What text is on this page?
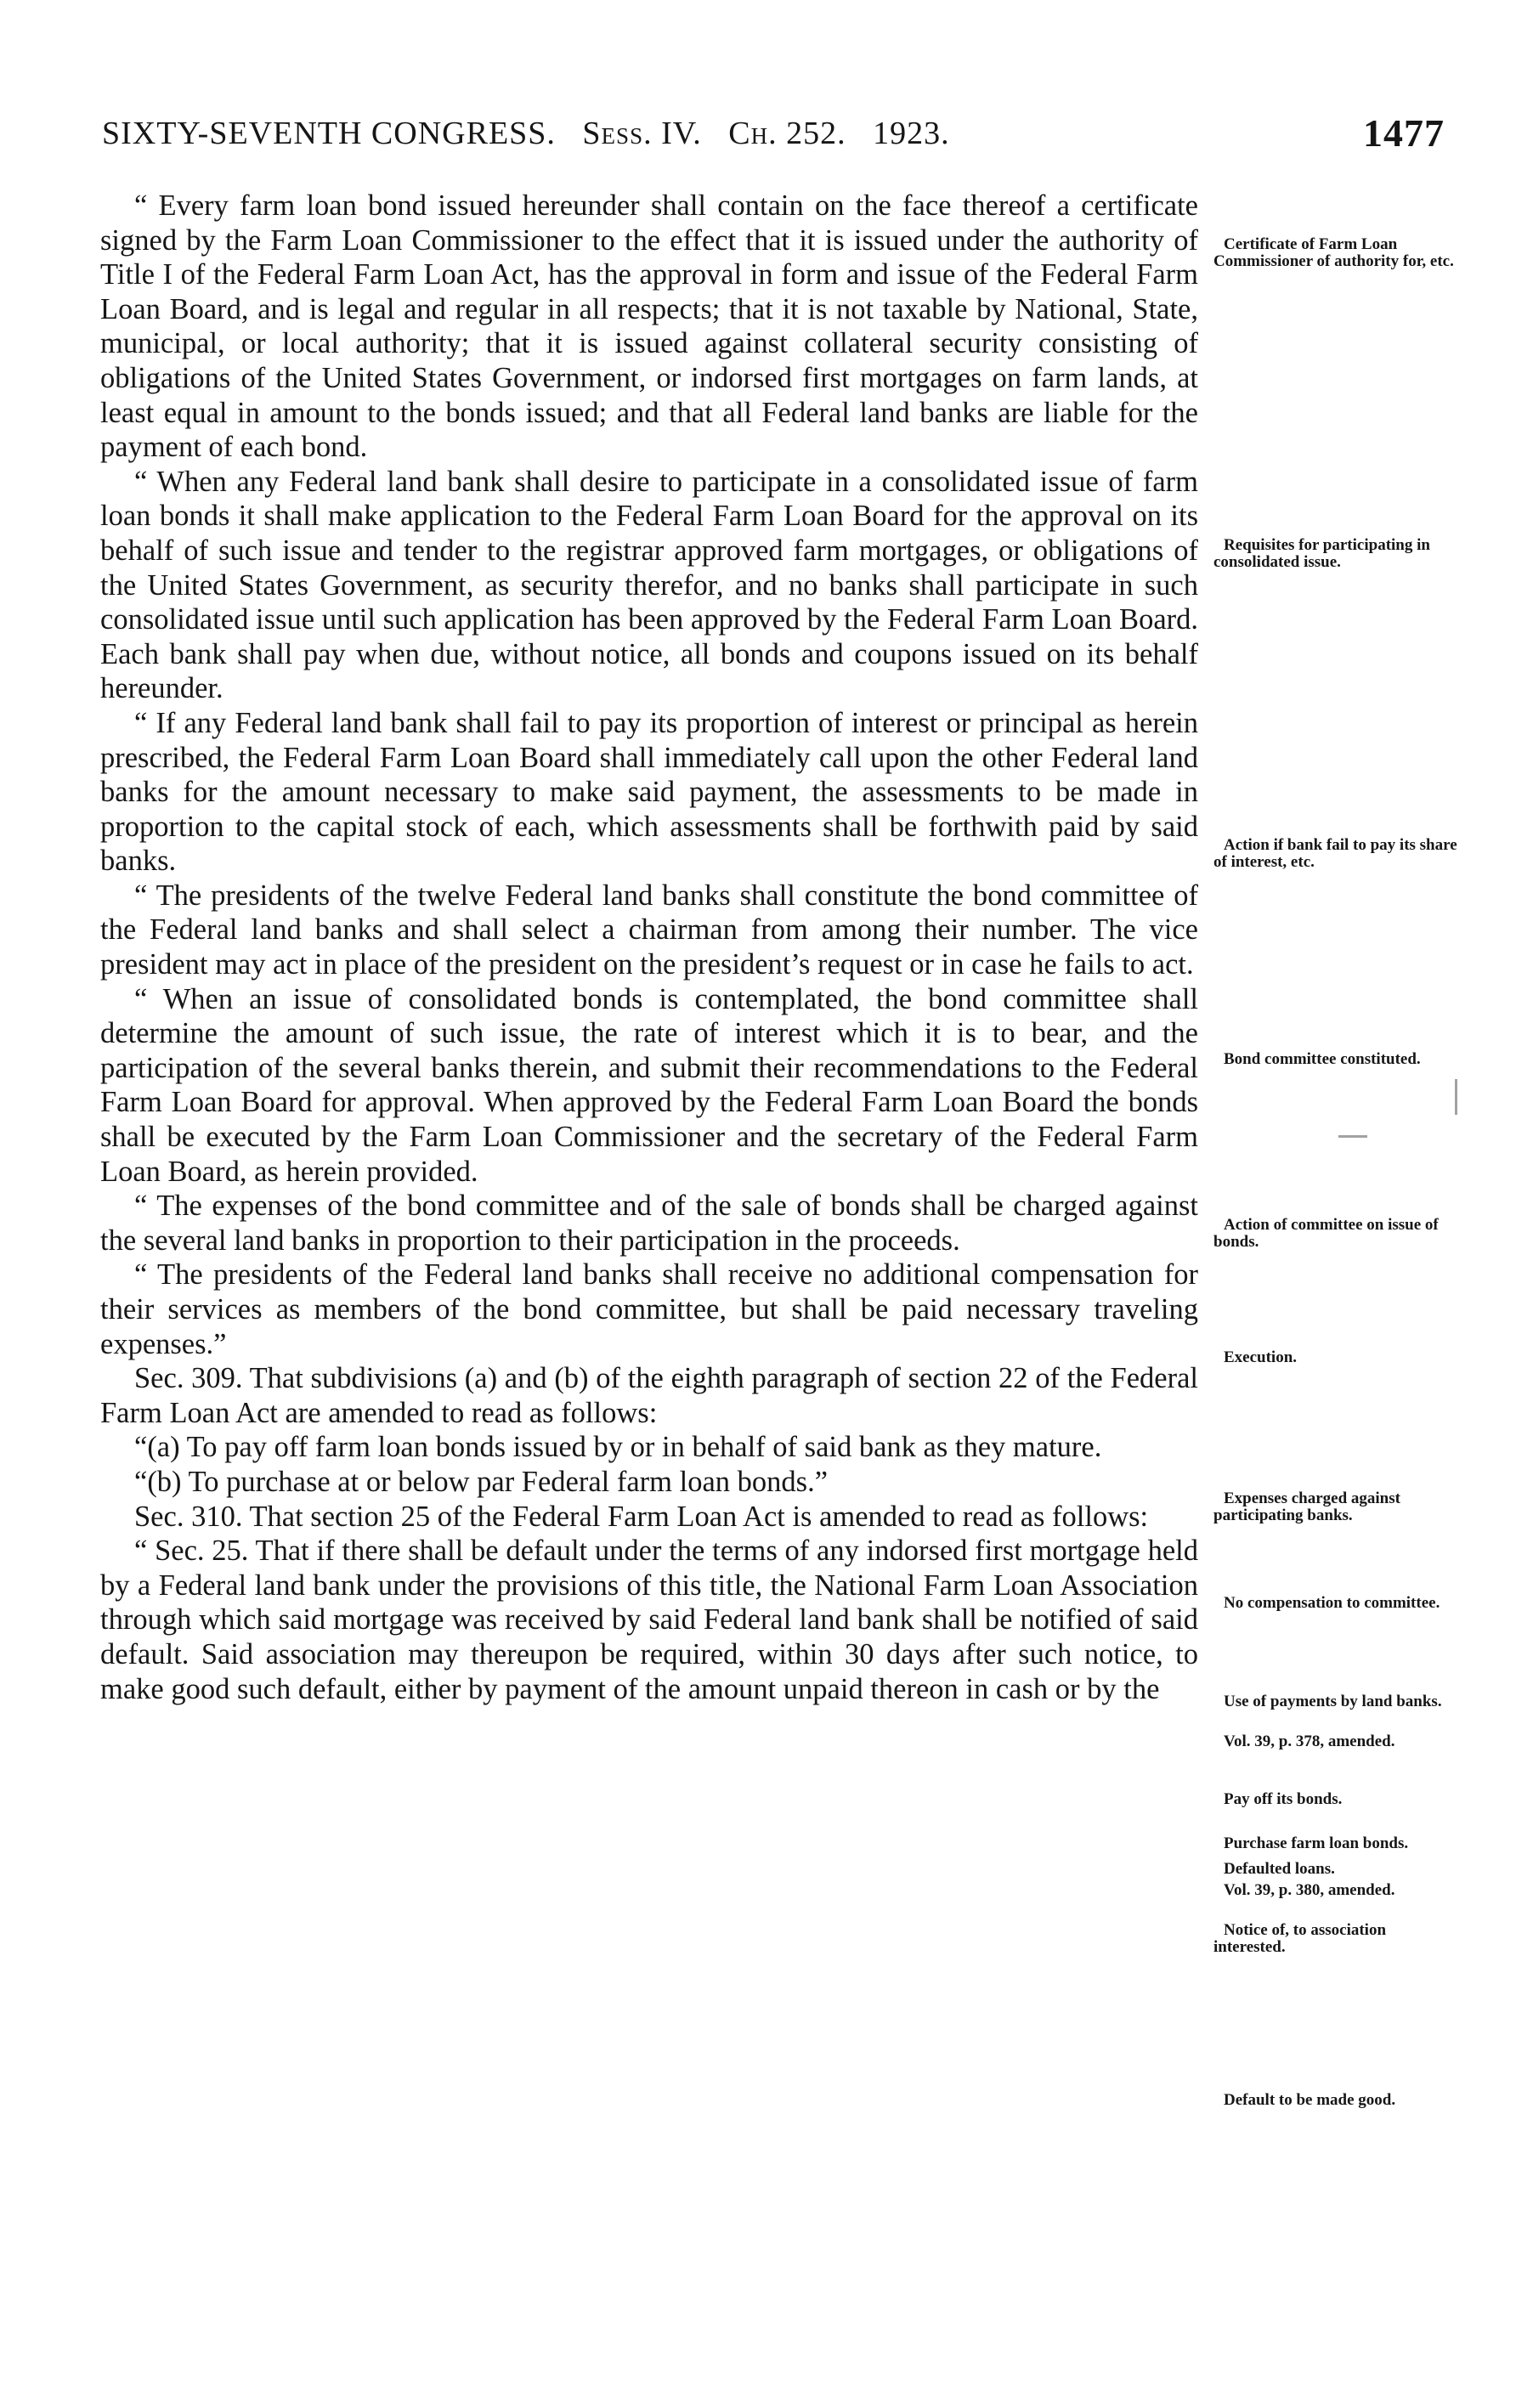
SIXTY-SEVENTH CONGRESS. Sess. IV. Ch. 252. 1923.	1477

“ Every farm loan bond issued hereunder shall contain on the face thereof a certificate signed by the Farm Loan Commissioner to the effect that it is issued under the authority of Title I of the Federal Farm Loan Act, has the approval in form and issue of the Federal Farm Loan Board, and is legal and regular in all respects; that it is not taxable by National, State, municipal, or local authority; that it is issued against collateral security consisting of obligations of the United States Government, or indorsed first mortgages on farm lands, at least equal in amount to the bonds issued; and that all Federal land banks are liable for the payment of each bond.

“ When any Federal land bank shall desire to participate in a consolidated issue of farm loan bonds it shall make application to the Federal Farm Loan Board for the approval on its behalf of such issue and tender to the registrar approved farm mortgages, or obligations of the United States Government, as security therefor, and no banks shall participate in such consolidated issue until such application has been approved by the Federal Farm Loan Board. Each bank shall pay when due, without notice, all bonds and coupons issued on its behalf hereunder.

“ If any Federal land bank shall fail to pay its proportion of interest or principal as herein prescribed, the Federal Farm Loan Board shall immediately call upon the other Federal land banks for the amount necessary to make said payment, the assessments to be made in proportion to the capital stock of each, which assessments shall be forthwith paid by said banks.

“ The presidents of the twelve Federal land banks shall constitute the bond committee of the Federal land banks and shall select a chairman from among their number. The vice president may act in place of the president on the president’s request or in case he fails to act.

“ When an issue of consolidated bonds is contemplated, the bond committee shall determine the amount of such issue, the rate of interest which it is to bear, and the participation of the several banks therein, and submit their recommendations to the Federal Farm Loan Board for approval. When approved by the Federal Farm Loan Board the bonds shall be executed by the Farm Loan Commissioner and the secretary of the Federal Farm Loan Board, as herein provided.

“ The expenses of the bond committee and of the sale of bonds shall be charged against the several land banks in proportion to their participation in the proceeds.

“ The presidents of the Federal land banks shall receive no additional compensation for their services as members of the bond committee, but shall be paid necessary traveling expenses.”

Sec. 309. That subdivisions (a) and (b) of the eighth paragraph of section 22 of the Federal Farm Loan Act are amended to read as follows:

“(a) To pay off farm loan bonds issued by or in behalf of said bank as they mature.

“(b) To purchase at or below par Federal farm loan bonds.”

Sec. 310. That section 25 of the Federal Farm Loan Act is amended to read as follows:

“ Sec. 25. That if there shall be default under the terms of any indorsed first mortgage held by a Federal land bank under the provisions of this title, the National Farm Loan Association through which said mortgage was received by said Federal land bank shall be notified of said default. Said association may thereupon be required, within 30 days after such notice, to make good such default, either by payment of the amount unpaid thereon in cash or by the

Certificate of Farm Loan Commissioner of authority for, etc.
Requisites for participating in consolidated issue.
Action if bank fail to pay its share of interest, etc.
Bond committee constituted.
Action of committee on issue of bonds.
Execution.
Expenses charged against participating banks.
No compensation to committee.
Use of payments by land banks.
Vol. 39, p. 378, amended.
Pay off its bonds.
Purchase farm loan bonds.
Defaulted loans.
Vol. 39, p. 380, amended.
Notice of, to association interested.
Default to be made good.
